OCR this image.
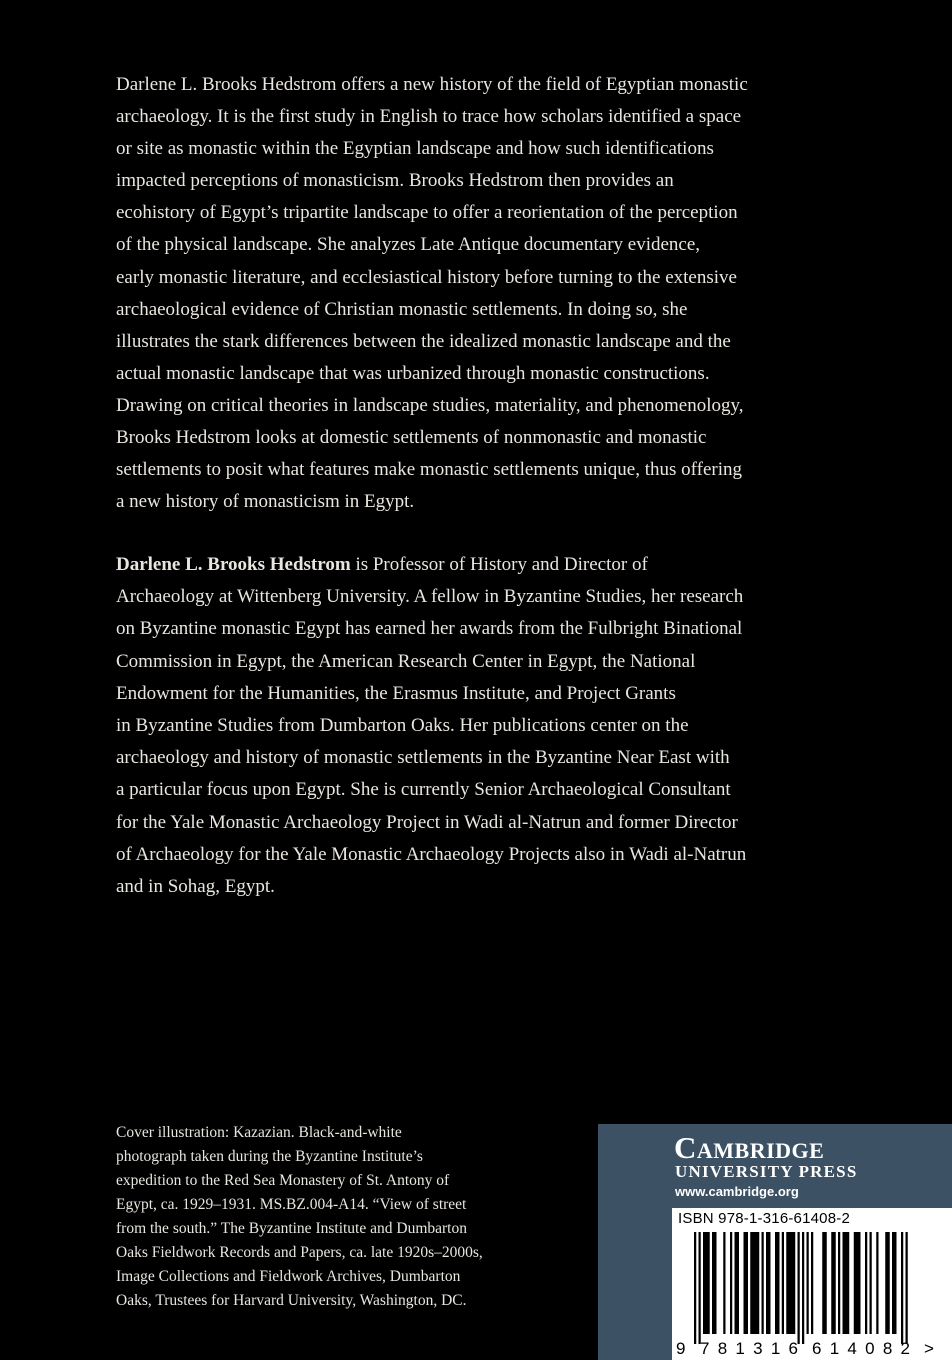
Darlene L. Brooks Hedstrom offers a new history of the field of Egyptian monastic
archaeology. It is the first study in English to trace how scholars identified a space
or site as monastic within the Egyptian landscape and how such identifications
impacted perceptions of monasticism. Brooks Hedstrom then provides an
ecohistory of Egypt’s tripartite landscape to offer a reorientation of the perception
of the physical landscape. She analyzes Late Antique documentary evidence,
early monastic literature, and ecclesiastical history before turning to the extensive
archaeological evidence of Christian monastic settlements. In doing so, she
illustrates the stark differences between the idealized monastic landscape and the
actual monastic landscape that was urbanized through monastic constructions.
Drawing on critical theories in landscape studies, materiality, and phenomenology,
Brooks Hedstrom looks at domestic settlements of nonmonastic and monastic
settlements to posit what features make monastic settlements unique, thus offering
a new history of monasticism in Egypt.

Darlene L. Brooks Hedstrom is Professor of History and Director of
Archaeology at Wittenberg University. A fellow in Byzantine Studies, her research
on Byzantine monastic Egypt has earned her awards from the Fulbright Binational
Commission in Egypt, the American Research Center in Egypt, the National
Endowment for the Humanities, the Erasmus Institute, and Project Grants
in Byzantine Studies from Dumbarton Oaks. Her publications center on the
archaeology and history of monastic settlements in the Byzantine Near East with
a particular focus upon Egypt. She is currently Senior Archaeological Consultant
for the Yale Monastic Archaeology Project in Wadi al-Natrun and former Director
of Archaeology for the Yale Monastic Archaeology Projects also in Wadi al-Natrun
and in Sohag, Egypt.

Cover illustration: Kazazian. Black-and-white
photograph taken during the Byzantine Institute’s
expedition to the Red Sea Monastery of St. Antony of
Egypt, ca. 1929–1931. MS.BZ.004-A14. “View of street
from the south.” The Byzantine Institute and Dumbarton
Oaks Fieldwork Records and Papers, ca. late 1920s–2000s,
Image Collections and Fieldwork Archives, Dumbarton
Oaks, Trustees for Harvard University, Washington, DC.

Cambridge
UNIVERSITY PRESS
www.cambridge.org
ISBN 978-1-316-61408-2
9 781316 614082 >
